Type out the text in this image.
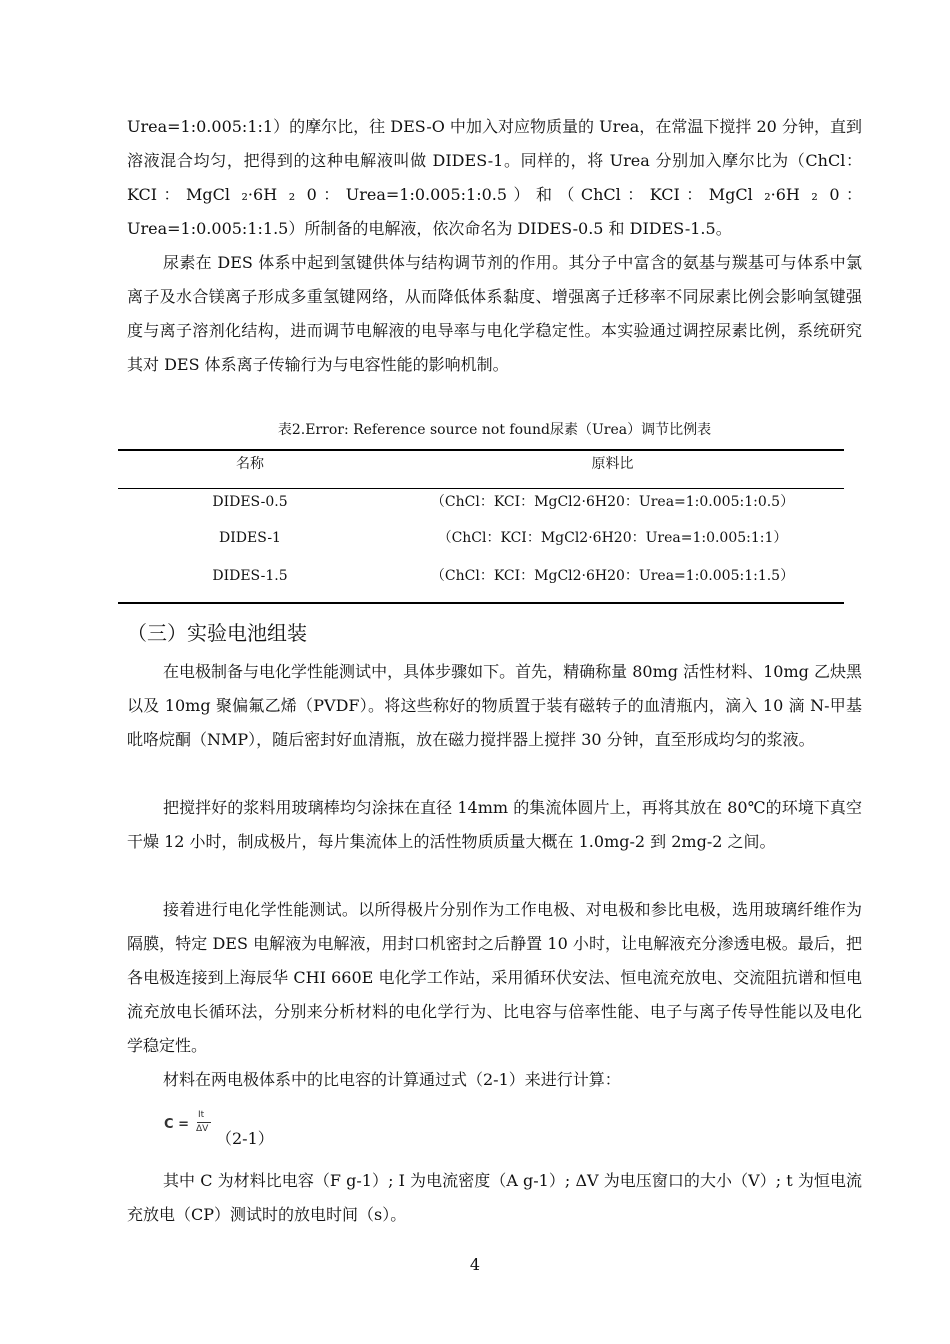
Urea=1:0.005:1:1）的摩尔比，往 DES-O 中加入对应物质量的 Urea，在常温下搅拌 20 分钟，直到溶液混合均匀，把得到的这种电解液叫做 DIDES-1。同样的，将 Urea 分别加入摩尔比为（ChCl：KCI：MgCl ₂·6H ₂ 0：Urea=1:0.005:1:0.5）和（ChCl：KCI：MgCl ₂·6H ₂ 0：Urea=1:0.005:1:1.5）所制备的电解液，依次命名为 DIDES-0.5 和 DIDES-1.5。

尿素在 DES 体系中起到氢键供体与结构调节剂的作用。其分子中富含的氨基与羰基可与体系中氯离子及水合镁离子形成多重氢键网络，从而降低体系黏度、增强离子迁移率不同尿素比例会影响氢键强度与离子溶剂化结构，进而调节电解液的电导率与电化学稳定性。本实验通过调控尿素比例，系统研究其对 DES 体系离子传输行为与电容性能的影响机制。

表2.Error: Reference source not found尿素（Urea）调节比例表
名称	原料比
DIDES-0.5	（ChCl：KCI：MgCl2·6H20：Urea=1:0.005:1:0.5）
DIDES-1	（ChCl：KCI：MgCl2·6H20：Urea=1:0.005:1:1）
DIDES-1.5	（ChCl：KCI：MgCl2·6H20：Urea=1:0.005:1:1.5）
（三）实验电池组装

在电极制备与电化学性能测试中，具体步骤如下。首先，精确称量 80mg 活性材料、10mg 乙炔黑以及 10mg 聚偏氟乙烯（PVDF）。将这些称好的物质置于装有磁转子的血清瓶内，滴入 10 滴 N-甲基吡咯烷酮（NMP），随后密封好血清瓶，放在磁力搅拌器上搅拌 30 分钟，直至形成均匀的浆液。

把搅拌好的浆料用玻璃棒均匀涂抹在直径 14mm 的集流体圆片上，再将其放在 80℃的环境下真空干燥 12 小时，制成极片，每片集流体上的活性物质质量大概在 1.0mg-2 到 2mg-2 之间。

接着进行电化学性能测试。以所得极片分别作为工作电极、对电极和参比电极，选用玻璃纤维作为隔膜，特定 DES 电解液为电解液，用封口机密封之后静置 10 小时，让电解液充分渗透电极。最后，把各电极连接到上海辰华 CHI 660E 电化学工作站，采用循环伏安法、恒电流充放电、交流阻抗谱和恒电流充放电长循环法，分别来分析材料的电化学行为、比电容与倍率性能、电子与离子传导性能以及电化学稳定性。

材料在两电极体系中的比电容的计算通过式（2-1）来进行计算：

C =
It
ΔV （2-1）

其中 C 为材料比电容（F g-1）; I 为电流密度（A g-1）; ΔV 为电压窗口的大小（V）; t 为恒电流充放电（CP）测试时的放电时间（s）。

4
